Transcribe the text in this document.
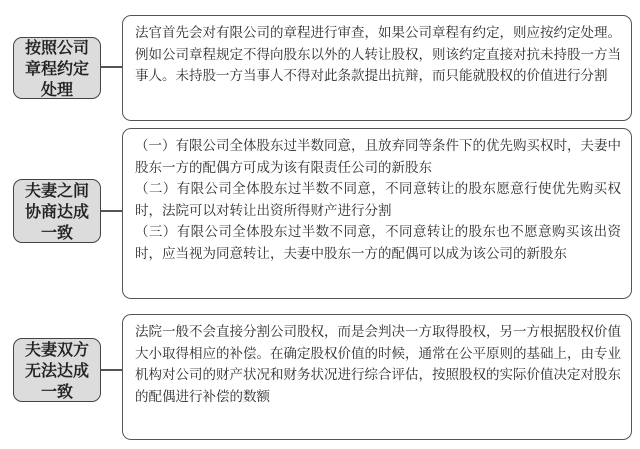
按照公司章程约定处理

法官首先会对有限公司的章程进行审查，如果公司章程有约定，则应按约定处理。例如公司章程规定不得向股东以外的人转让股权，则该约定直接对抗未持股一方当事人。未持股一方当事人不得对此条款提出抗辩，而只能就股权的价值进行分割

夫妻之间协商达成一致

（一）有限公司全体股东过半数同意，且放弃同等条件下的优先购买权时，夫妻中股东一方的配偶方可成为该有限责任公司的新股东

（二）有限公司全体股东过半数不同意，不同意转让的股东愿意行使优先购买权时，法院可以对转让出资所得财产进行分割

（三）有限公司全体股东过半数不同意，不同意转让的股东也不愿意购买该出资时，应当视为同意转让，夫妻中股东一方的配偶可以成为该公司的新股东

夫妻双方无法达成一致

法院一般不会直接分割公司股权，而是会判决一方取得股权，另一方根据股权价值大小取得相应的补偿。在确定股权价值的时候，通常在公平原则的基础上，由专业机构对公司的财产状况和财务状况进行综合评估，按照股权的实际价值决定对股东的配偶进行补偿的数额
